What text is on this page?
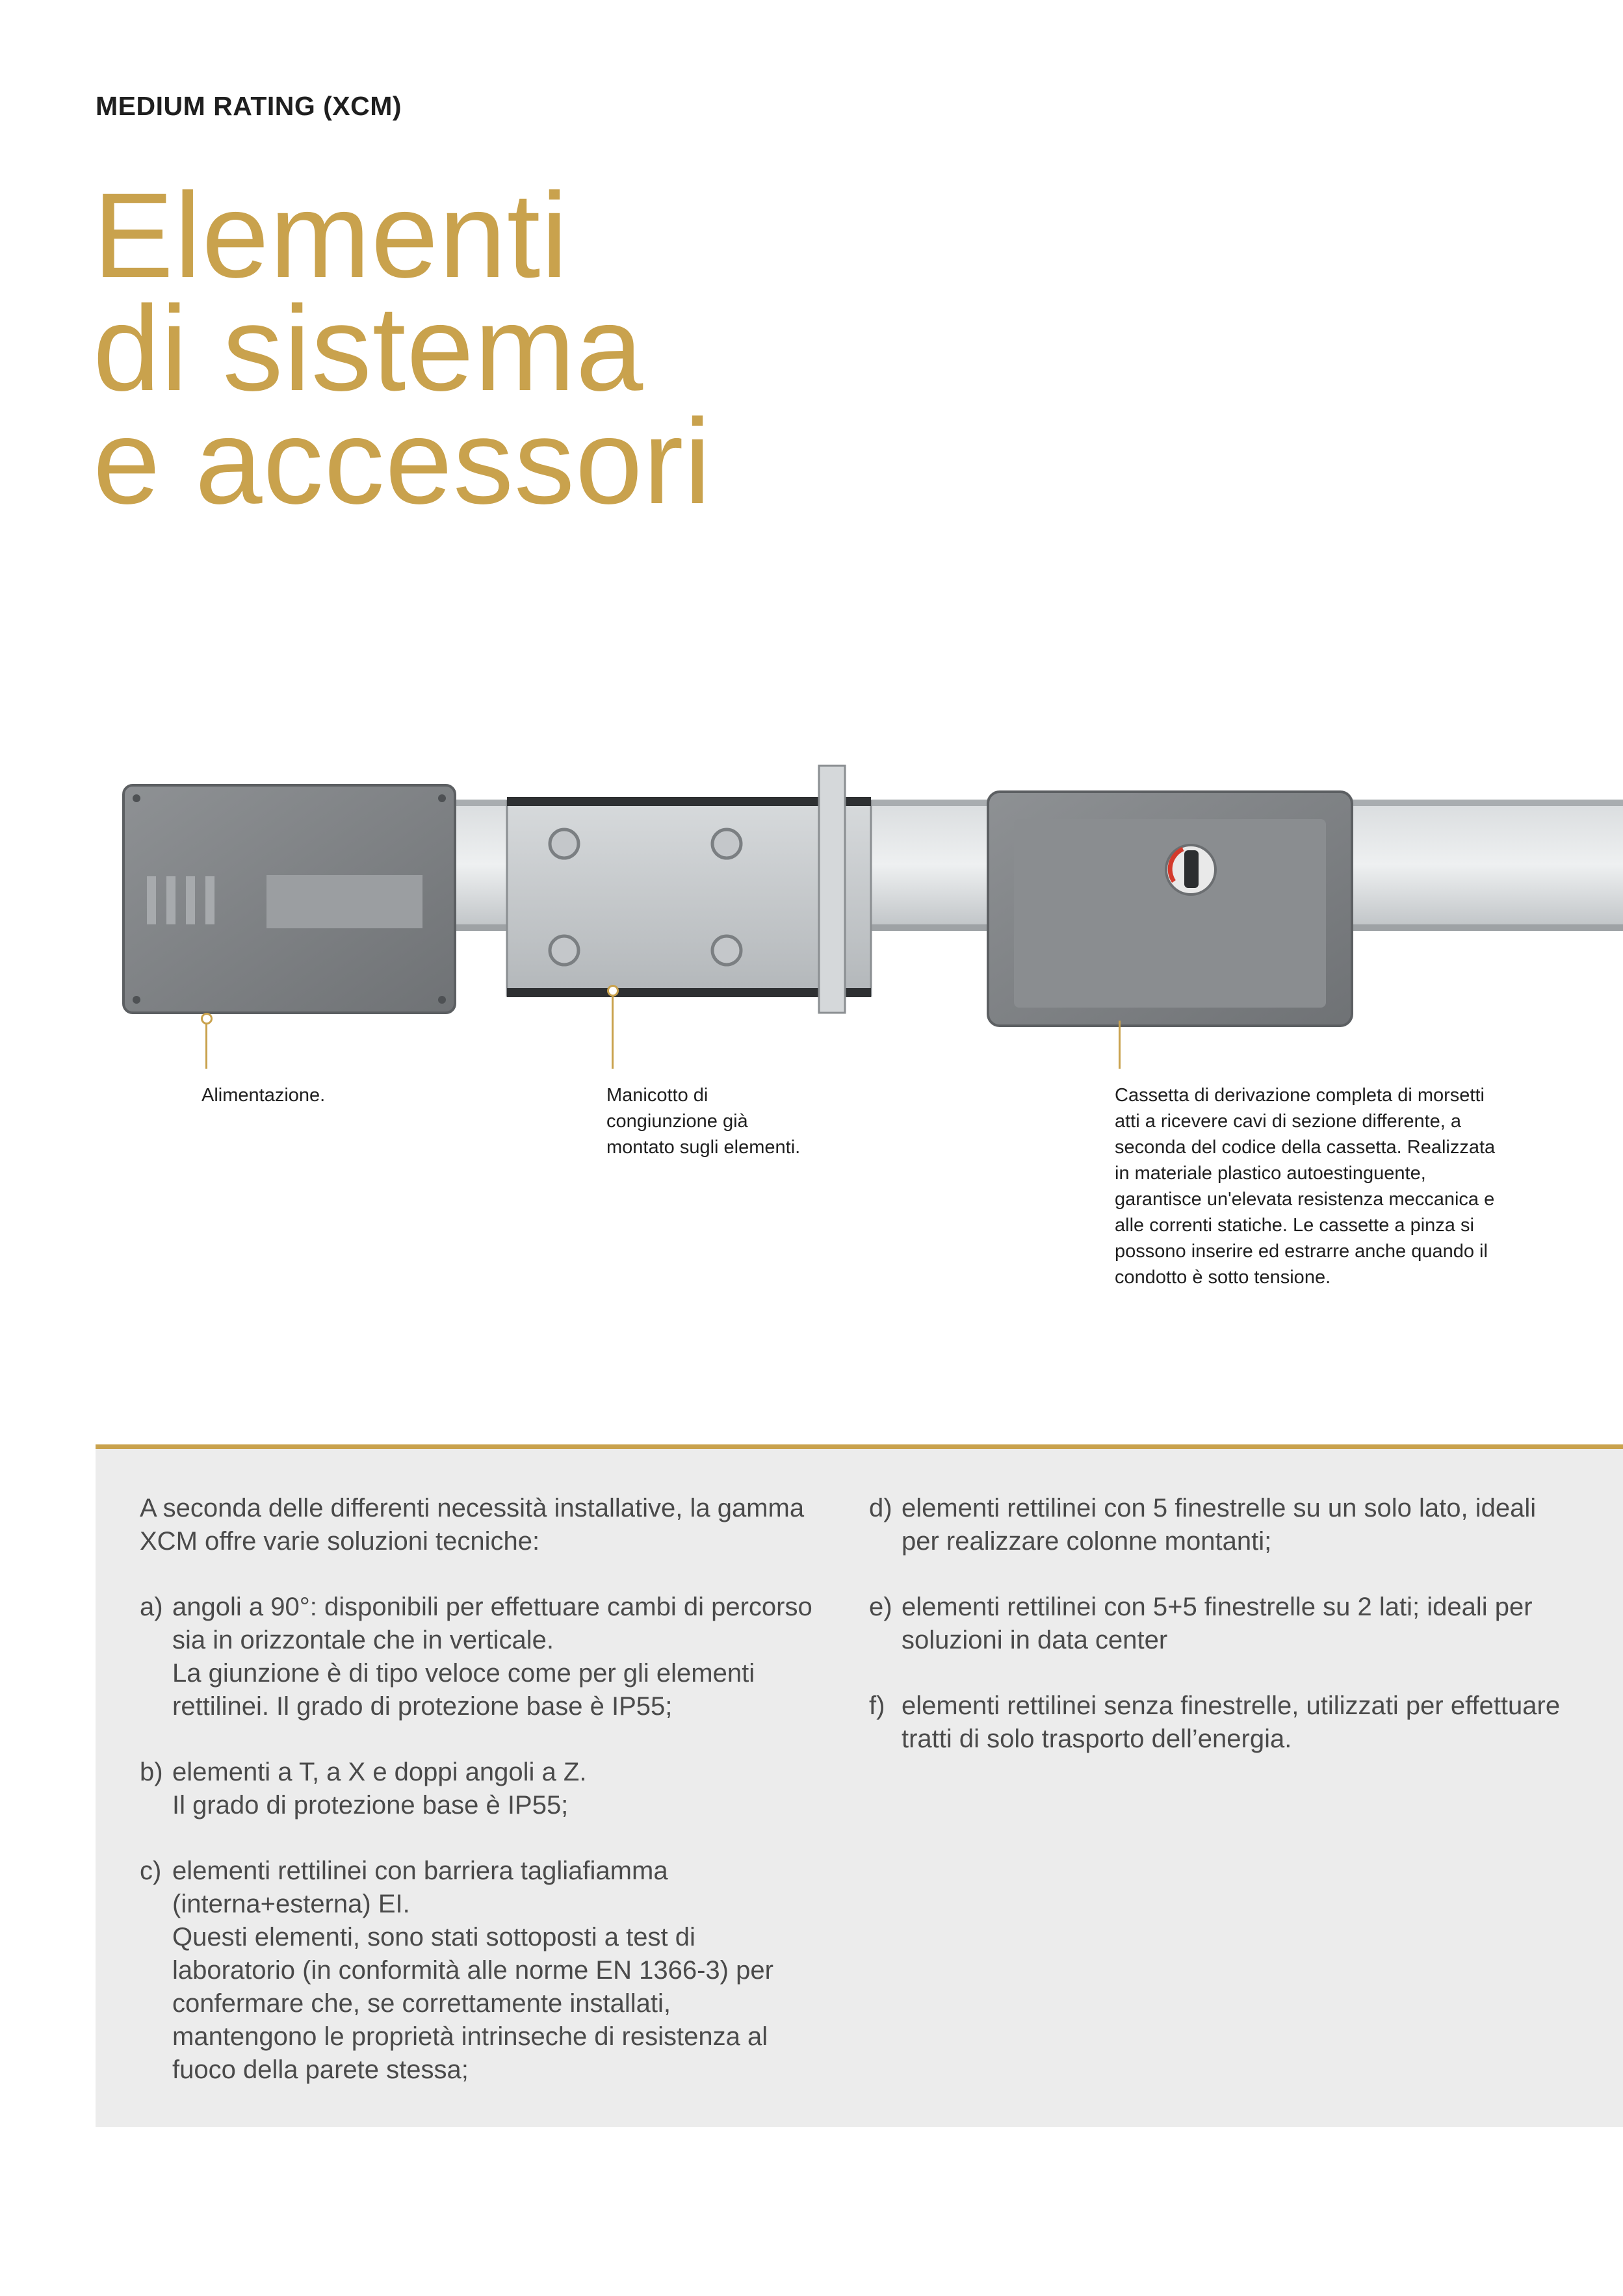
MEDIUM RATING (XCM)
Elementi
di sistema
e accessori
Alimentazione.	Manicotto di congiunzione già montato sugli elementi.
Cassetta di derivazione completa di morsetti atti a ricevere cavi di sezione differente, a seconda del codice della cassetta. Realizzata in materiale plastico autoestinguente, garantisce un'elevata resistenza meccanica e alle correnti statiche. Le cassette a pinza si possono inserire ed estrarre anche quando il condotto è sotto tensione.

A seconda delle differenti necessità installative, la gamma XCM offre varie soluzioni tecniche:

a) angoli a 90°: disponibili per effettuare cambi di percorso sia in orizzontale che in verticale.
La giunzione è di tipo veloce come per gli elementi rettilinei. Il grado di protezione base è IP55;
b) elementi a T, a X e doppi angoli a Z.
Il grado di protezione base è IP55;
c) elementi rettilinei con barriera tagliafiamma (interna+esterna) EI.
Questi elementi, sono stati sottoposti a test di laboratorio (in conformità alle norme EN 1366-3) per confermare che, se correttamente installati, mantengono le proprietà intrinseche di resistenza al fuoco della parete stessa;
d) elementi rettilinei con 5 finestrelle su un solo lato, ideali per realizzare colonne montanti;
e) elementi rettilinei con 5+5 finestrelle su 2 lati; ideali per soluzioni in data center
f) elementi rettilinei senza finestrelle, utilizzati per effettuare tratti di solo trasporto dell’energia.
